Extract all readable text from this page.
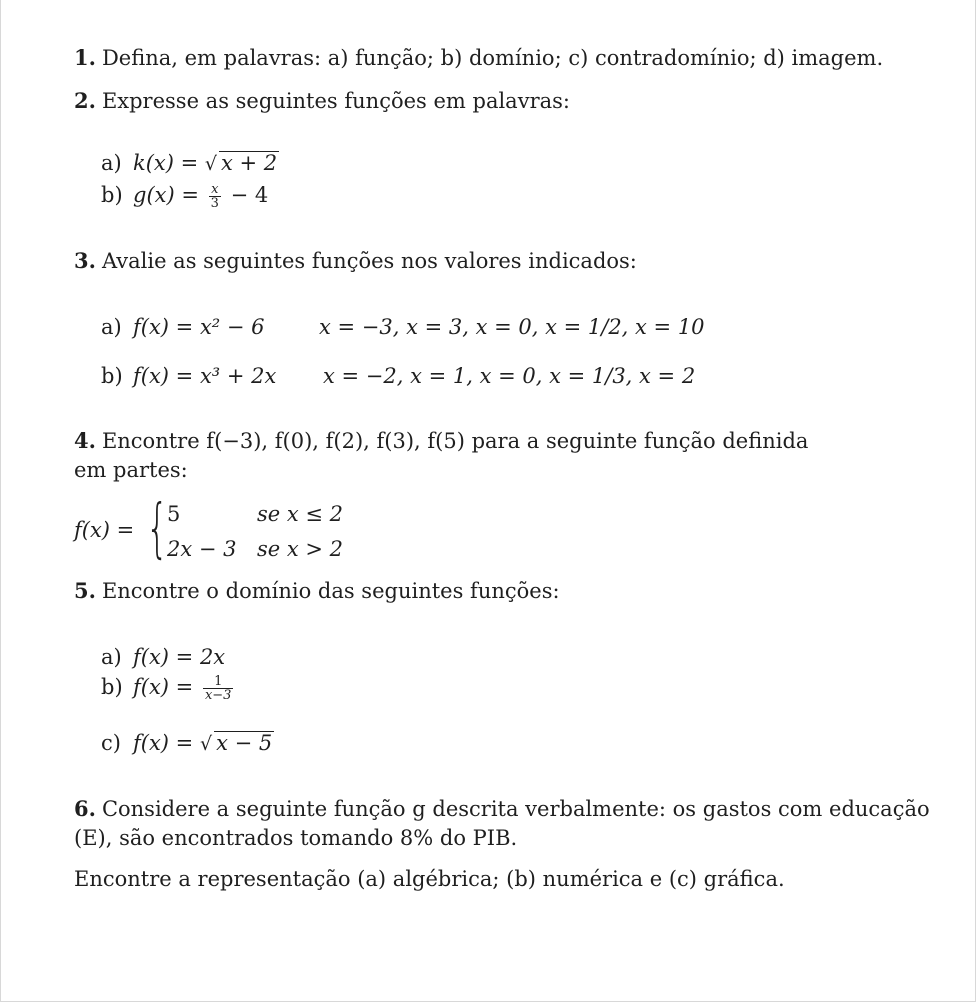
1. Defina, em palavras: a) função; b) domínio; c) contradomínio; d) imagem.
2. Expresse as seguintes funções em palavras:
a) k(x) = √ x + 2
b) $g(x) = \frac{x}{3} - 4$
3. Avalie as seguintes funções nos valores indicados:
a) f(x) = x² − 6	x = −3, x = 3, x = 0, x = 1/2, x = 10
b) f(x) = x³ + 2x x = −2, x = 1, x = 0, x = 1/3, x = 2
4. Encontre f(−3), f(0), f(2), f(3), f(5) para a seguinte função definida
em partes:
f(x) = {
5	se x ≤ 2
2x − 3 se x > 2
5. Encontre o domínio das seguintes funções:
a) f(x) = 2x
b) $f(x) = \frac{1}{x-3}$
c) f(x) = √ x − 5
6. Considere a seguinte função g descrita verbalmente: os gastos com educação
(E), são encontrados tomando 8% do PIB.
Encontre a representação (a) algébrica; (b) numérica e (c) gráfica.
